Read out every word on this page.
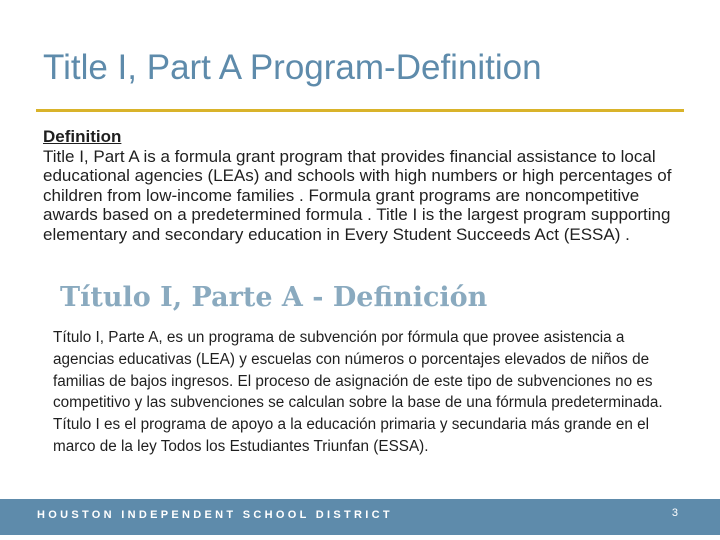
Title I, Part A Program-Definition
Definition
Title I, Part A is a formula grant program that provides financial assistance to local educational agencies (LEAs) and schools with high numbers or high percentages of children from low-income families . Formula grant programs are noncompetitive awards based on a predetermined formula . Title I is the largest program supporting elementary and secondary education in Every Student Succeeds Act (ESSA) .
Título I, Parte A - Definición
Título I, Parte A, es un programa de subvención por fórmula que provee asistencia a agencias educativas (LEA) y escuelas con números o porcentajes elevados de niños de familias de bajos ingresos. El proceso de asignación de este tipo de subvenciones no es competitivo y las subvenciones se calculan sobre la base de una fórmula predeterminada. Título I es el programa de apoyo a la educación primaria y secundaria más grande en el marco de la ley Todos los Estudiantes Triunfan (ESSA).
HOUSTON INDEPENDENT SCHOOL DISTRICT	3
